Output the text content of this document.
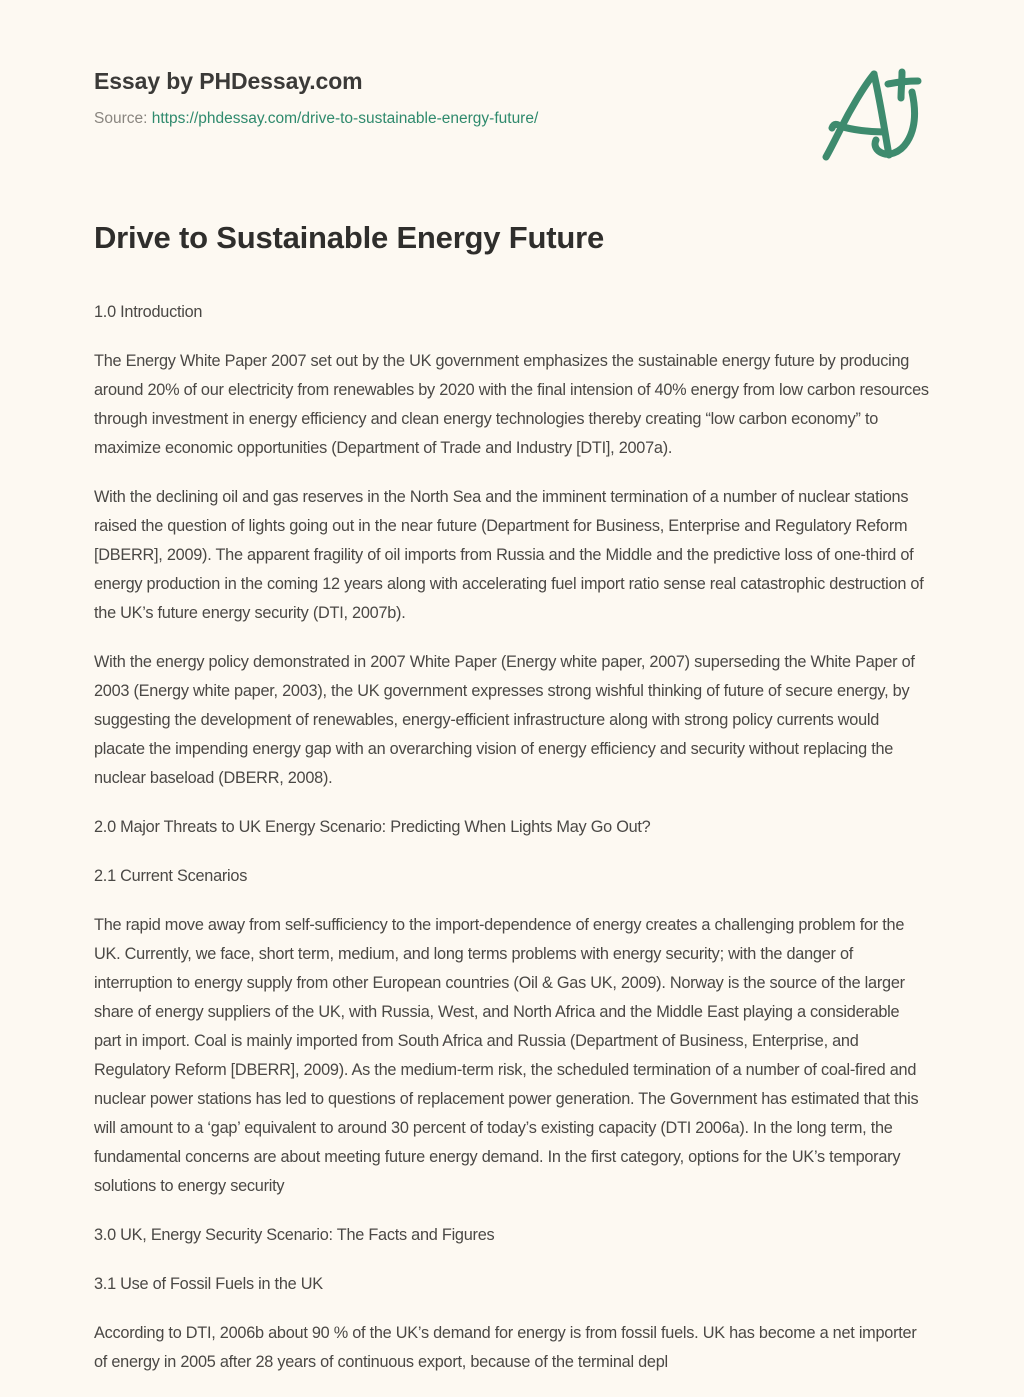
Essay by PHDessay.com
Source: https://phdessay.com/drive-to-sustainable-energy-future/
Drive to Sustainable Energy Future

1.0 Introduction

The Energy White Paper 2007 set out by the UK government emphasizes the sustainable energy future by producing around 20% of our electricity from renewables by 2020 with the final intension of 40% energy from low carbon resources through investment in energy efficiency and clean energy technologies thereby creating “low carbon economy” to maximize economic opportunities (Department of Trade and Industry [DTI], 2007a).

With the declining oil and gas reserves in the North Sea and the imminent termination of a number of nuclear stations raised the question of lights going out in the near future (Department for Business, Enterprise and Regulatory Reform [DBERR], 2009). The apparent fragility of oil imports from Russia and the Middle and the predictive loss of one-third of energy production in the coming 12 years along with accelerating fuel import ratio sense real catastrophic destruction of the UK’s future energy security (DTI, 2007b).

With the energy policy demonstrated in 2007 White Paper (Energy white paper, 2007) superseding the White Paper of 2003 (Energy white paper, 2003), the UK government expresses strong wishful thinking of future of secure energy, by suggesting the development of renewables, energy-efficient infrastructure along with strong policy currents would placate the impending energy gap with an overarching vision of energy efficiency and security without replacing the nuclear baseload (DBERR, 2008).

2.0 Major Threats to UK Energy Scenario: Predicting When Lights May Go Out?

2.1 Current Scenarios

The rapid move away from self-sufficiency to the import-dependence of energy creates a challenging problem for the UK. Currently, we face, short term, medium, and long terms problems with energy security; with the danger of interruption to energy supply from other European countries (Oil & Gas UK, 2009). Norway is the source of the larger share of energy suppliers of the UK, with Russia, West, and North Africa and the Middle East playing a considerable part in import. Coal is mainly imported from South Africa and Russia (Department of Business, Enterprise, and Regulatory Reform [DBERR], 2009). As the medium-term risk, the scheduled termination of a number of coal-fired and nuclear power stations has led to questions of replacement power generation. The Government has estimated that this will amount to a ‘gap’ equivalent to around 30 percent of today’s existing capacity (DTI 2006a). In the long term, the fundamental concerns are about meeting future energy demand. In the first category, options for the UK’s temporary solutions to energy security

3.0 UK, Energy Security Scenario: The Facts and Figures

3.1 Use of Fossil Fuels in the UK

According to DTI, 2006b about 90 % of the UK’s demand for energy is from fossil fuels. UK has become a net importer of energy in 2005 after 28 years of continuous export, because of the terminal depl
